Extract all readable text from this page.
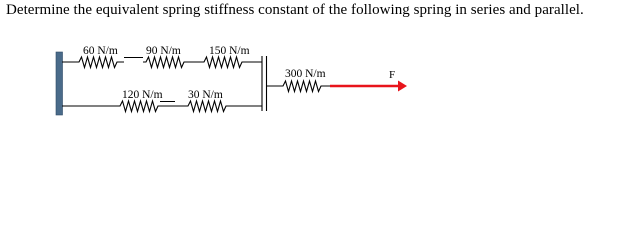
Determine the equivalent spring stiffness constant of the following spring in series and parallel.
60 N/m 90 N/m 150 N/m
300 N/m	F
120 N/m 30 N/m
